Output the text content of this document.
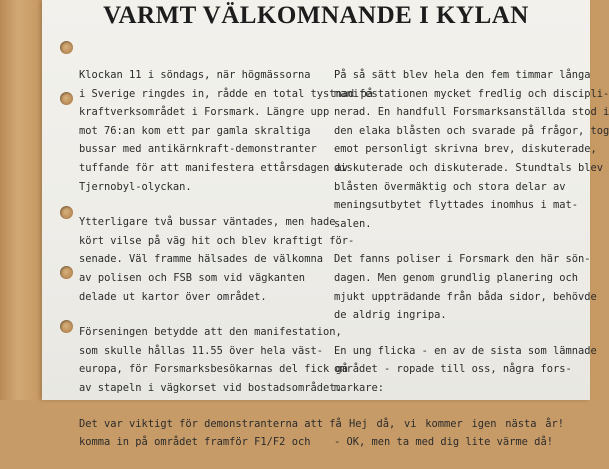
VARMT VÄLKOMNANDE I KYLAN
Klockan 11 i söndags, när högmässorna
i Sverige ringdes in, rådde en total tystnad på
kraftverksområdet i Forsmark. Längre upp
mot 76:an kom ett par gamla skraltiga
bussar med antikärnkraft-demonstranter
tuffande för att manifestera ettårsdagen av
Tjernobyl-olyckan.
Ytterligare två bussar väntades, men hade
kört vilse på väg hit och blev kraftigt för-
senade. Väl framme hälsades de välkomna
av polisen och FSB som vid vägkanten
delade ut kartor över området.
Förseningen betydde att den manifestation,
som skulle hållas 11.55 över hela väst-
europa, för Forsmarksbesökarnas del fick gå
av stapeln i vägkorset vid bostadsområdet.
Det var viktigt för demonstranterna att få
komma in på området framför F1/F2 och
På så sätt blev hela den fem timmar långa
manifestationen mycket fredlig och discipli-
nerad. En handfull Forsmarksanställda stod i
den elaka blåsten och svarade på frågor, tog
emot personligt skrivna brev, diskuterade,
diskuterade och diskuterade. Stundtals blev
blåsten övermäktig och stora delar av
meningsutbytet flyttades inomhus i mat-
salen.
Det fanns poliser i Forsmark den här sön-
dagen. Men genom grundlig planering och
mjukt uppträdande från båda sidor, behövde
de aldrig ingripa.
En ung flicka - en av de sista som lämnade
området - ropade till oss, några fors-
markare:
- Hej då, vi kommer igen nästa år!
- OK, men ta med dig lite värme då!
